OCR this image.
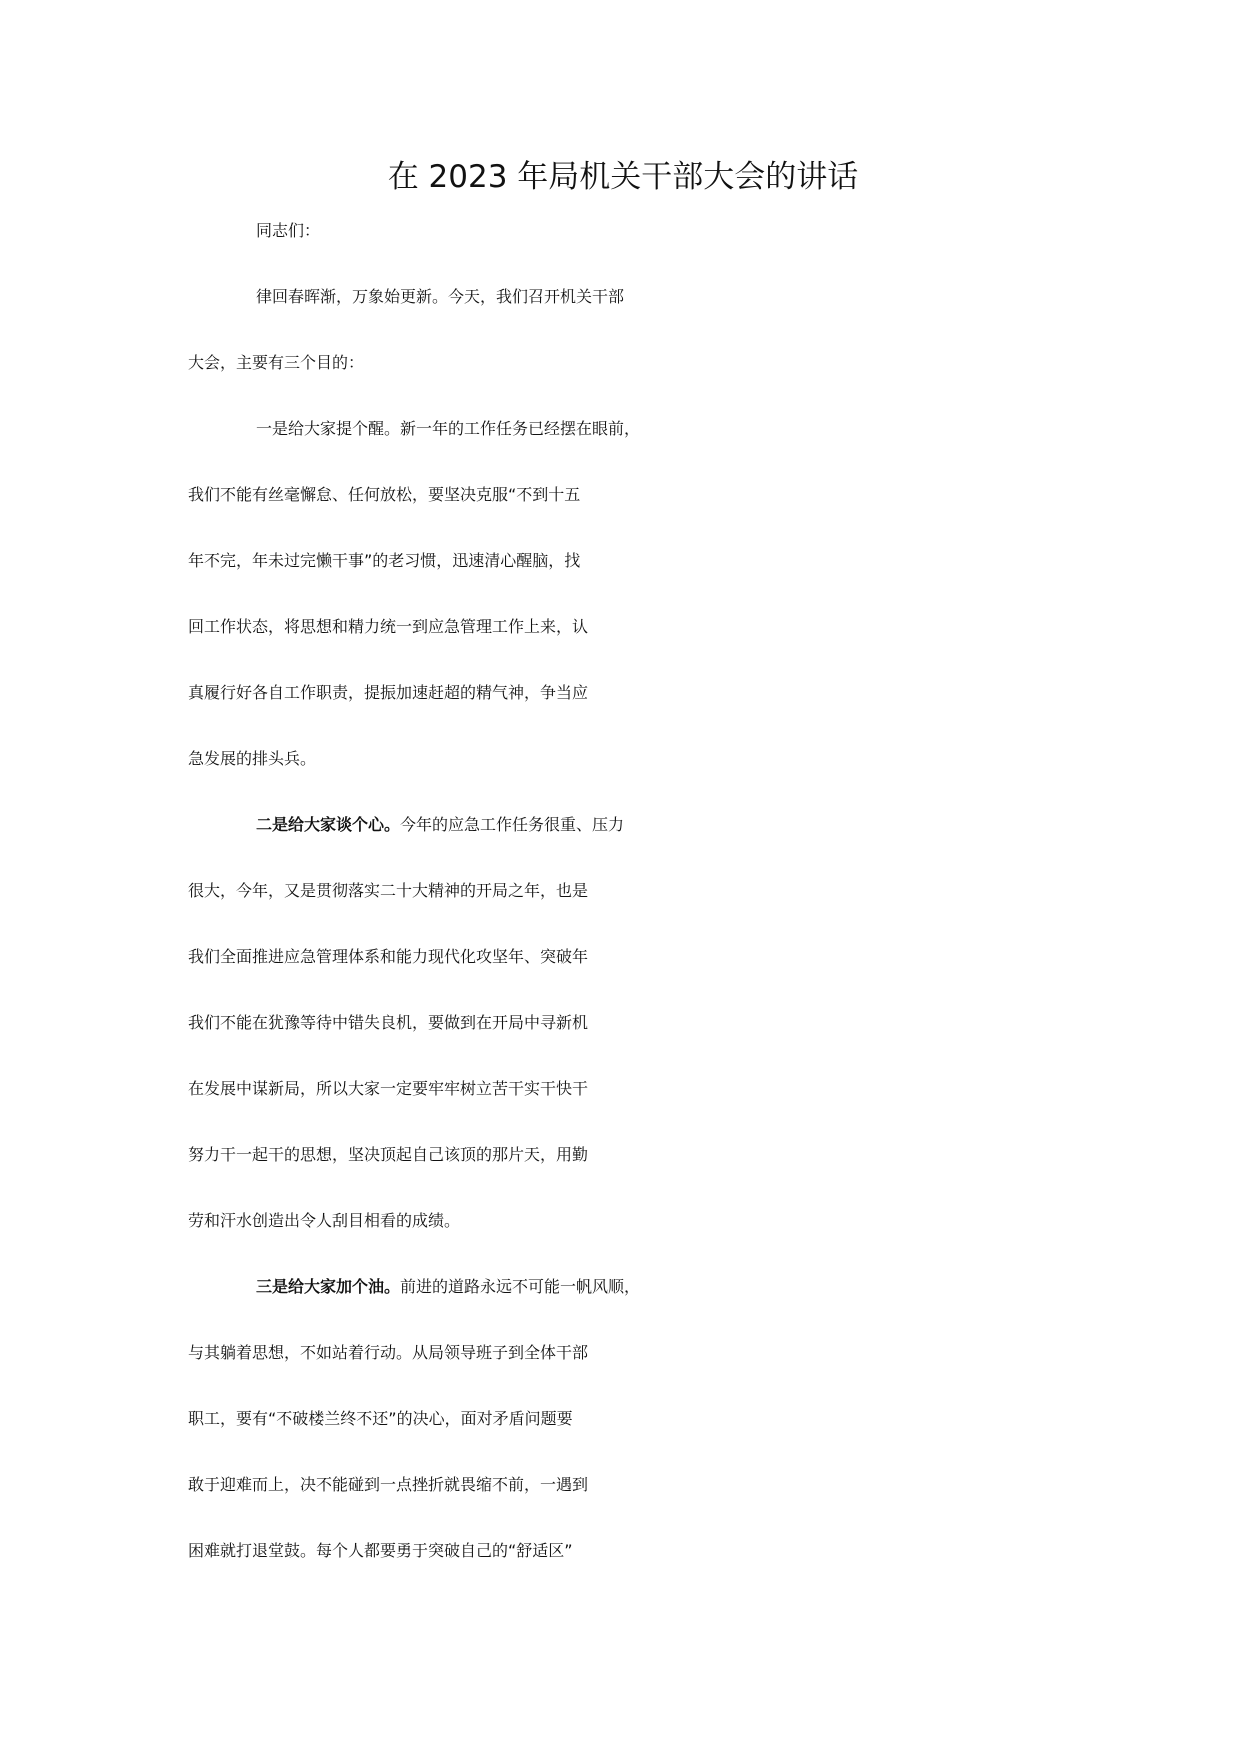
在 2023 年局机关干部大会的讲话
同志们：
律回春晖渐，万象始更新。今天，我们召开机关干部
大会，主要有三个目的：
一是给大家提个醒。新一年的工作任务已经摆在眼前，
我们不能有丝毫懈怠、任何放松，要坚决克服“不到十五
年不完，年未过完懒干事”的老习惯，迅速清心醒脑，找
回工作状态，将思想和精力统一到应急管理工作上来，认
真履行好各自工作职责，提振加速赶超的精气神，争当应
急发展的排头兵。
二是给大家谈个心。今年的应急工作任务很重、压力
很大，今年，又是贯彻落实二十大精神的开局之年，也是
我们全面推进应急管理体系和能力现代化攻坚年、突破年
我们不能在犹豫等待中错失良机，要做到在开局中寻新机
在发展中谋新局，所以大家一定要牢牢树立苦干实干快干
努力干一起干的思想，坚决顶起自己该顶的那片天，用勤
劳和汗水创造出令人刮目相看的成绩。
三是给大家加个油。前进的道路永远不可能一帆风顺，
与其躺着思想，不如站着行动。从局领导班子到全体干部
职工，要有“不破楼兰终不还”的决心，面对矛盾问题要
敢于迎难而上，决不能碰到一点挫折就畏缩不前，一遇到
困难就打退堂鼓。每个人都要勇于突破自己的“舒适区”
